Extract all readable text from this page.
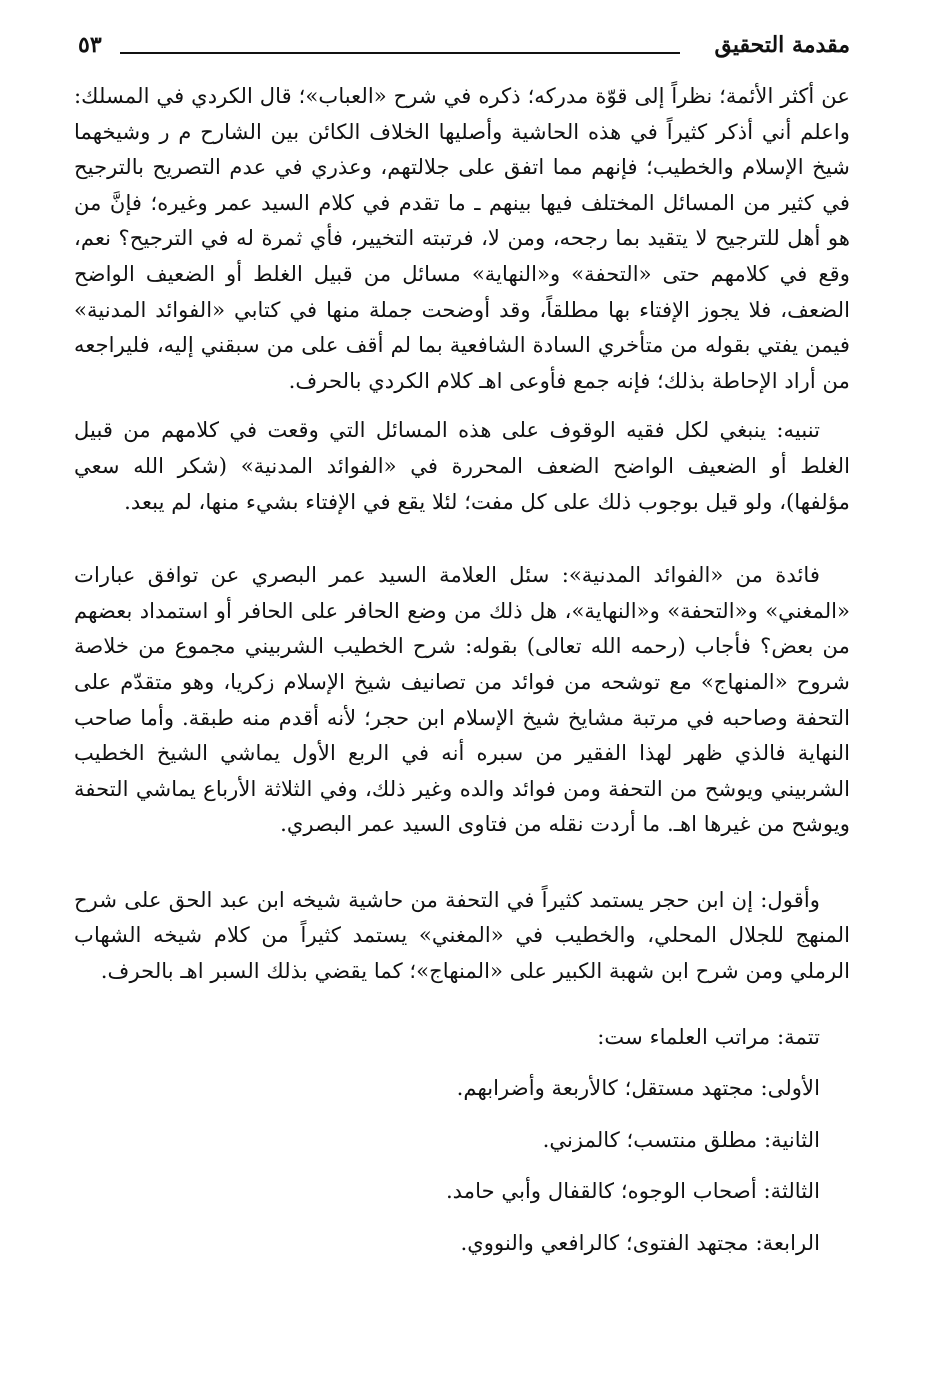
مقدمة التحقيق
٥٣

عن أكثر الأئمة؛ نظراً إلى قوّة مدركه؛ ذكره في شرح «العباب»؛ قال الكردي في المسلك: واعلم أني أذكر كثيراً في هذه الحاشية وأصليها الخلاف الكائن بين الشارح م ر وشيخهما شيخ الإسلام والخطيب؛ فإنهم مما اتفق على جلالتهم، وعذري في عدم التصريح بالترجيح في كثير من المسائل المختلف فيها بينهم ـ ما تقدم في كلام السيد عمر وغيره؛ فإنَّ من هو أهل للترجيح لا يتقيد بما رجحه، ومن لا، فرتبته التخيير، فأي ثمرة له في الترجيح؟ نعم، وقع في كلامهم حتى «التحفة» و«النهاية» مسائل من قبيل الغلط أو الضعيف الواضح الضعف، فلا يجوز الإفتاء بها مطلقاً، وقد أوضحت جملة منها في كتابي «الفوائد المدنية» فيمن يفتي بقوله من متأخري السادة الشافعية بما لم أقف على من سبقني إليه، فليراجعه من أراد الإحاطة بذلك؛ فإنه جمع فأوعى اهـ كلام الكردي بالحرف.

تنبيه: ينبغي لكل فقيه الوقوف على هذه المسائل التي وقعت في كلامهم من قبيل الغلط أو الضعيف الواضح الضعف المحررة في «الفوائد المدنية» (شكر الله سعي مؤلفها)، ولو قيل بوجوب ذلك على كل مفت؛ لئلا يقع في الإفتاء بشيء منها، لم يبعد.

فائدة من «الفوائد المدنية»: سئل العلامة السيد عمر البصري عن توافق عبارات «المغني» و«التحفة» و«النهاية»، هل ذلك من وضع الحافر على الحافر أو استمداد بعضهم من بعض؟ فأجاب (رحمه الله تعالى) بقوله: شرح الخطيب الشربيني مجموع من خلاصة شروح «المنهاج» مع توشحه من فوائد من تصانيف شيخ الإسلام زكريا، وهو متقدّم على التحفة وصاحبه في مرتبة مشايخ شيخ الإسلام ابن حجر؛ لأنه أقدم منه طبقة. وأما صاحب النهاية فالذي ظهر لهذا الفقير من سبره أنه في الربع الأول يماشي الشيخ الخطيب الشربيني ويوشح من التحفة ومن فوائد والده وغير ذلك، وفي الثلاثة الأرباع يماشي التحفة ويوشح من غيرها اهـ. ما أردت نقله من فتاوى السيد عمر البصري.

وأقول: إن ابن حجر يستمد كثيراً في التحفة من حاشية شيخه ابن عبد الحق على شرح المنهج للجلال المحلي، والخطيب في «المغني» يستمد كثيراً من كلام شيخه الشهاب الرملي ومن شرح ابن شهبة الكبير على «المنهاج»؛ كما يقضي بذلك السبر اهـ بالحرف.

تتمة: مراتب العلماء ست:
الأولى: مجتهد مستقل؛ كالأربعة وأضرابهم.
الثانية: مطلق منتسب؛ كالمزني.
الثالثة: أصحاب الوجوه؛ كالقفال وأبي حامد.
الرابعة: مجتهد الفتوى؛ كالرافعي والنووي.
